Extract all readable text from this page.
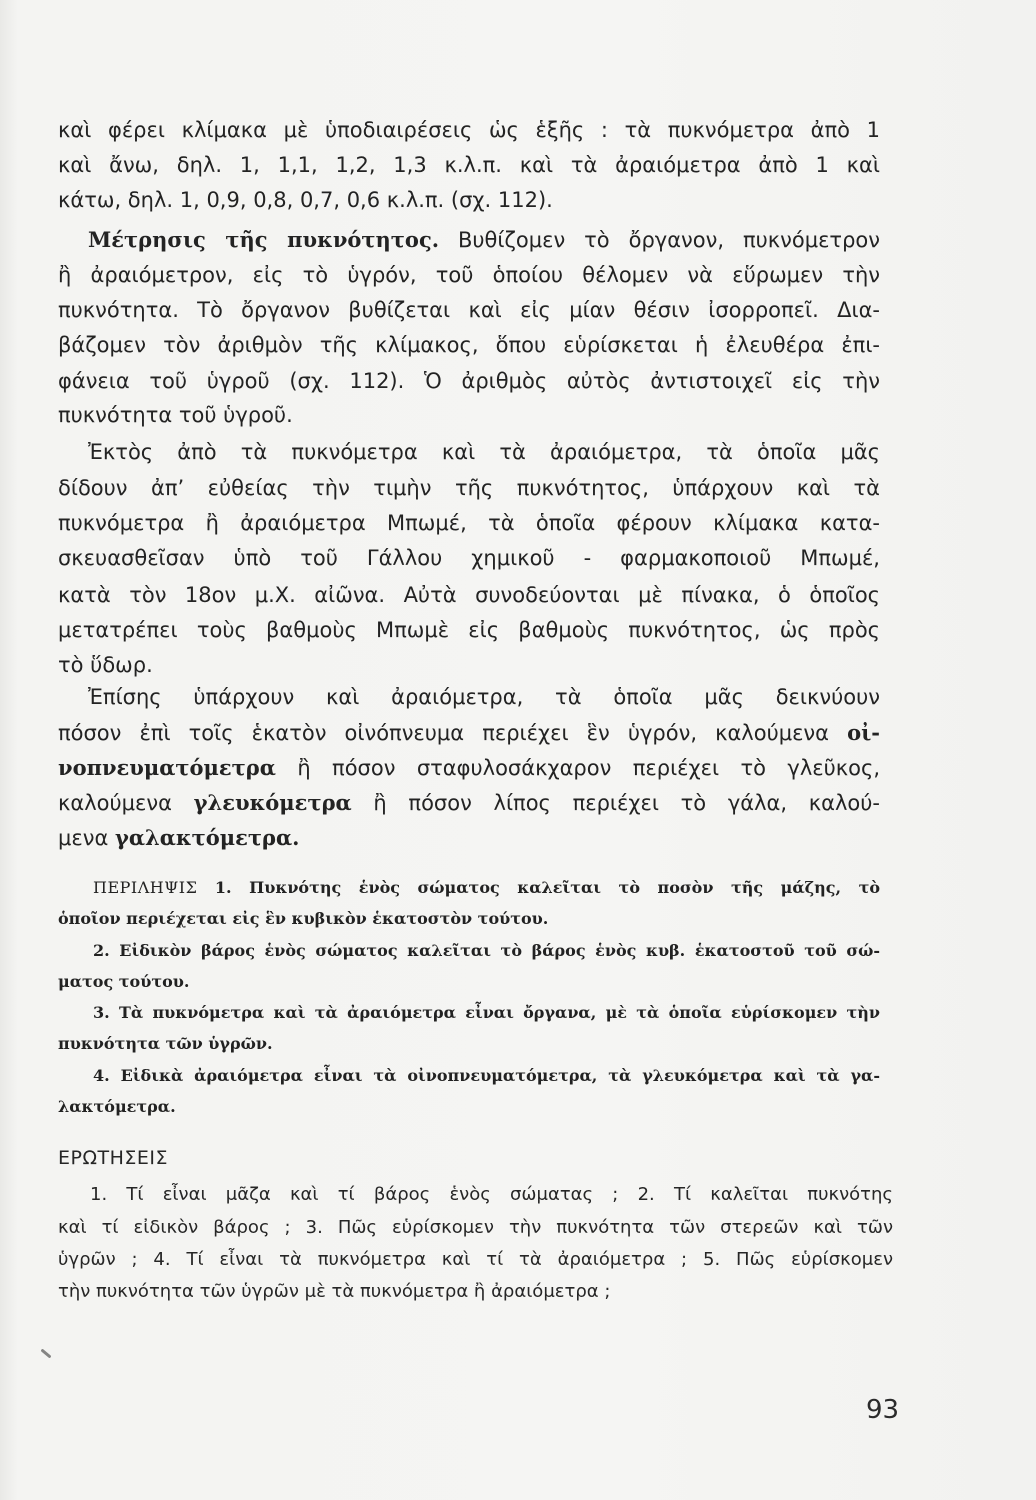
καὶ φέρει κλίμακα μὲ ὑποδιαιρέσεις ὡς ἑξῆς : τὰ πυκνόμετρα ἀπὸ 1
καὶ ἄνω, δηλ. 1, 1,1, 1,2, 1,3 κ.λ.π. καὶ τὰ ἀραιόμετρα ἀπὸ 1 καὶ
κάτω, δηλ. 1, 0,9, 0,8, 0,7, 0,6 κ.λ.π. (σχ. 112).
Μέτρησις τῆς πυκνότητος. Βυθίζομεν τὸ ὄργανον, πυκνόμετρον
ἢ ἀραιόμετρον, εἰς τὸ ὑγρόν, τοῦ ὁποίου θέλομεν νὰ εὕρωμεν τὴν
πυκνότητα. Τὸ ὄργανον βυθίζεται καὶ εἰς μίαν θέσιν ἰσορροπεῖ. Δια-
βάζομεν τὸν ἀριθμὸν τῆς κλίμακος, ὅπου εὑρίσκεται ἡ ἐλευθέρα ἐπι-
φάνεια τοῦ ὑγροῦ (σχ. 112). Ὁ ἀριθμὸς αὐτὸς ἀντιστοιχεῖ εἰς τὴν
πυκνότητα τοῦ ὑγροῦ.
Ἐκτὸς ἀπὸ τὰ πυκνόμετρα καὶ τὰ ἀραιόμετρα, τὰ ὁποῖα μᾶς
δίδουν ἀπ’ εὐθείας τὴν τιμὴν τῆς πυκνότητος, ὑπάρχουν καὶ τὰ
πυκνόμετρα ἢ ἀραιόμετρα Μπωμέ, τὰ ὁποῖα φέρουν κλίμακα κατα-
σκευασθεῖσαν ὑπὸ τοῦ Γάλλου χημικοῦ - φαρμακοποιοῦ Μπωμέ,
κατὰ τὸν 18ον μ.Χ. αἰῶνα. Αὐτὰ συνοδεύονται μὲ πίνακα, ὁ ὁποῖος
μετατρέπει τοὺς βαθμοὺς Μπωμὲ εἰς βαθμοὺς πυκνότητος, ὡς πρὸς
τὸ ὕδωρ.
Ἐπίσης ὑπάρχουν καὶ ἀραιόμετρα, τὰ ὁποῖα μᾶς δεικνύουν
πόσον ἐπὶ τοῖς ἑκατὸν οἰνόπνευμα περιέχει ἓν ὑγρόν, καλούμενα οἰ-
νοπνευματόμετρα ἢ πόσον σταφυλοσάκχαρον περιέχει τὸ γλεῦκος,
καλούμενα γλευκόμετρα ἢ πόσον λίπος περιέχει τὸ γάλα, καλού-
μενα γαλακτόμετρα.
ΠΕΡΙΛΗΨΙΣ 1. Πυκνότης ἑνὸς σώματος καλεῖται τὸ ποσὸν τῆς μάζης, τὸ
ὁποῖον περιέχεται εἰς ἓν κυβικὸν ἑκατοστὸν τούτου.
2. Εἰδικὸν βάρος ἑνὸς σώματος καλεῖται τὸ βάρος ἑνὸς κυβ. ἑκατοστοῦ τοῦ σώ-
ματος τούτου.
3. Τὰ πυκνόμετρα καὶ τὰ ἀραιόμετρα εἶναι ὄργανα, μὲ τὰ ὁποῖα εὑρίσκομεν τὴν
πυκνότητα τῶν ὑγρῶν.
4. Εἰδικὰ ἀραιόμετρα εἶναι τὰ οἰνοπνευματόμετρα, τὰ γλευκόμετρα καὶ τὰ γα-
λακτόμετρα.
ΕΡΩΤΗΣΕΙΣ
1. Τί εἶναι μᾶζα καὶ τί βάρος ἑνὸς σώματας ; 2. Τί καλεῖται πυκνότης
καὶ τί εἰδικὸν βάρος ; 3. Πῶς εὑρίσκομεν τὴν πυκνότητα τῶν στερεῶν καὶ τῶν
ὑγρῶν ; 4. Τί εἶναι τὰ πυκνόμετρα καὶ τί τὰ ἀραιόμετρα ; 5. Πῶς εὑρίσκομεν
τὴν πυκνότητα τῶν ὑγρῶν μὲ τὰ πυκνόμετρα ἢ ἀραιόμετρα ;
93
